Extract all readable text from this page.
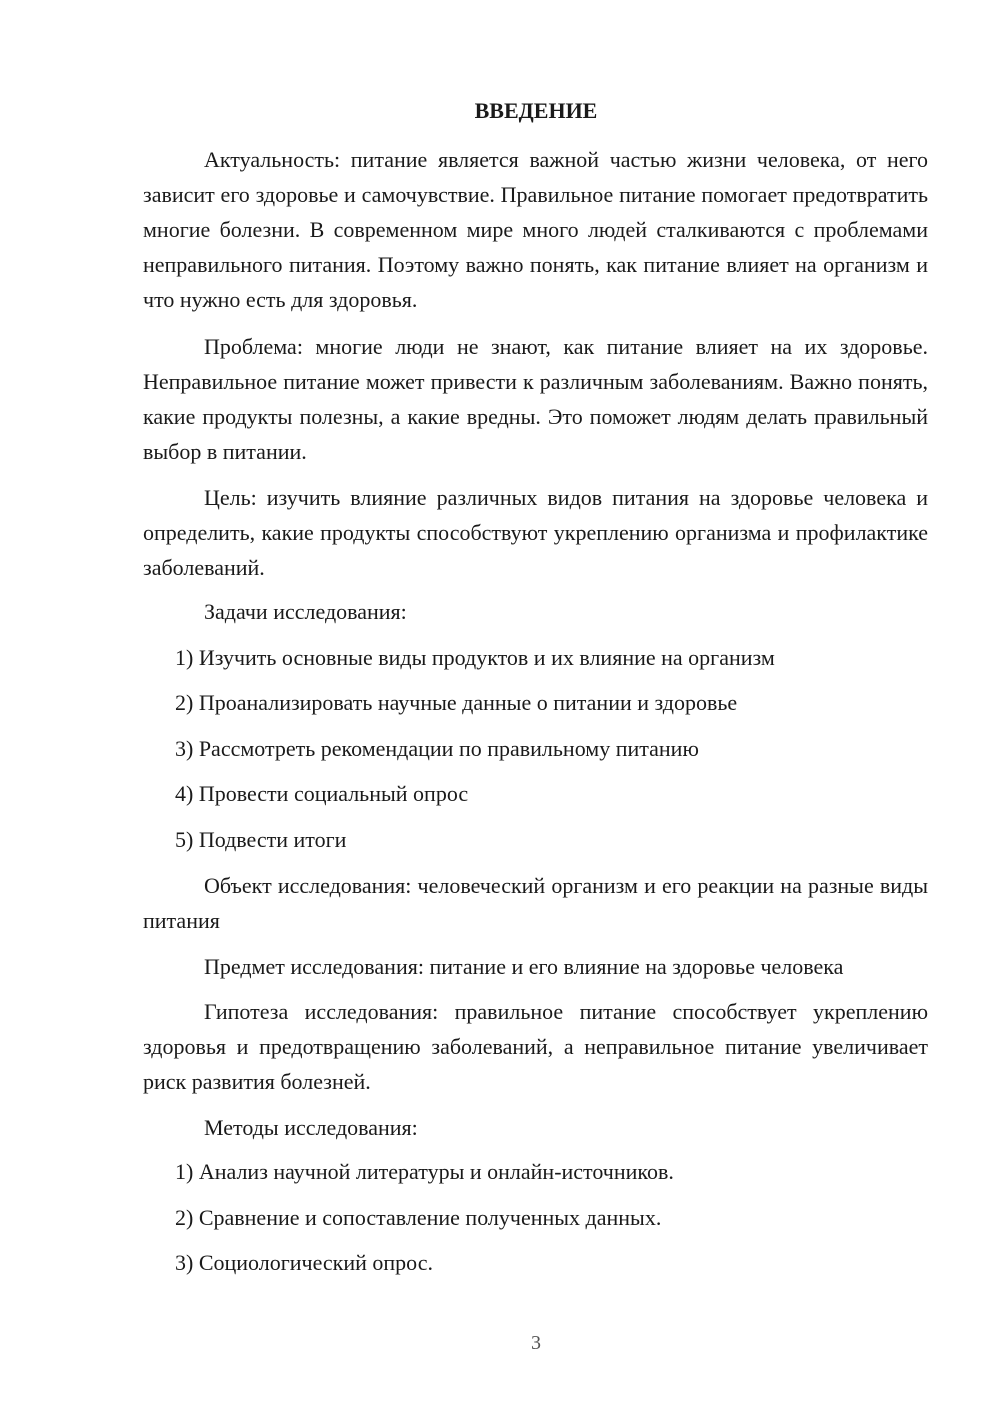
ВВЕДЕНИЕ

Актуальность: питание является важной частью жизни человека, от него зависит его здоровье и самочувствие. Правильное питание помогает предотвратить многие болезни. В современном мире много людей сталкиваются с проблемами неправильного питания. Поэтому важно понять, как питание влияет на организм и что нужно есть для здоровья.

Проблема: многие люди не знают, как питание влияет на их здоровье. Неправильное питание может привести к различным заболеваниям. Важно понять, какие продукты полезны, а какие вредны. Это поможет людям делать правильный выбор в питании.

Цель: изучить влияние различных видов питания на здоровье человека и определить, какие продукты способствуют укреплению организма и профилактике заболеваний.

Задачи исследования:
1) Изучить основные виды продуктов и их влияние на организм
2) Проанализировать научные данные о питании и здоровье
3) Рассмотреть рекомендации по правильному питанию
4) Провести социальный опрос
5) Подвести итоги

Объект исследования: человеческий организм и его реакции на разные виды питания

Предмет исследования: питание и его влияние на здоровье человека

Гипотеза исследования: правильное питание способствует укреплению здоровья и предотвращению заболеваний, а неправильное питание увеличивает риск развития болезней.

Методы исследования:
1) Анализ научной литературы и онлайн-источников.
2) Сравнение и сопоставление полученных данных.
3) Социологический опрос.
3
